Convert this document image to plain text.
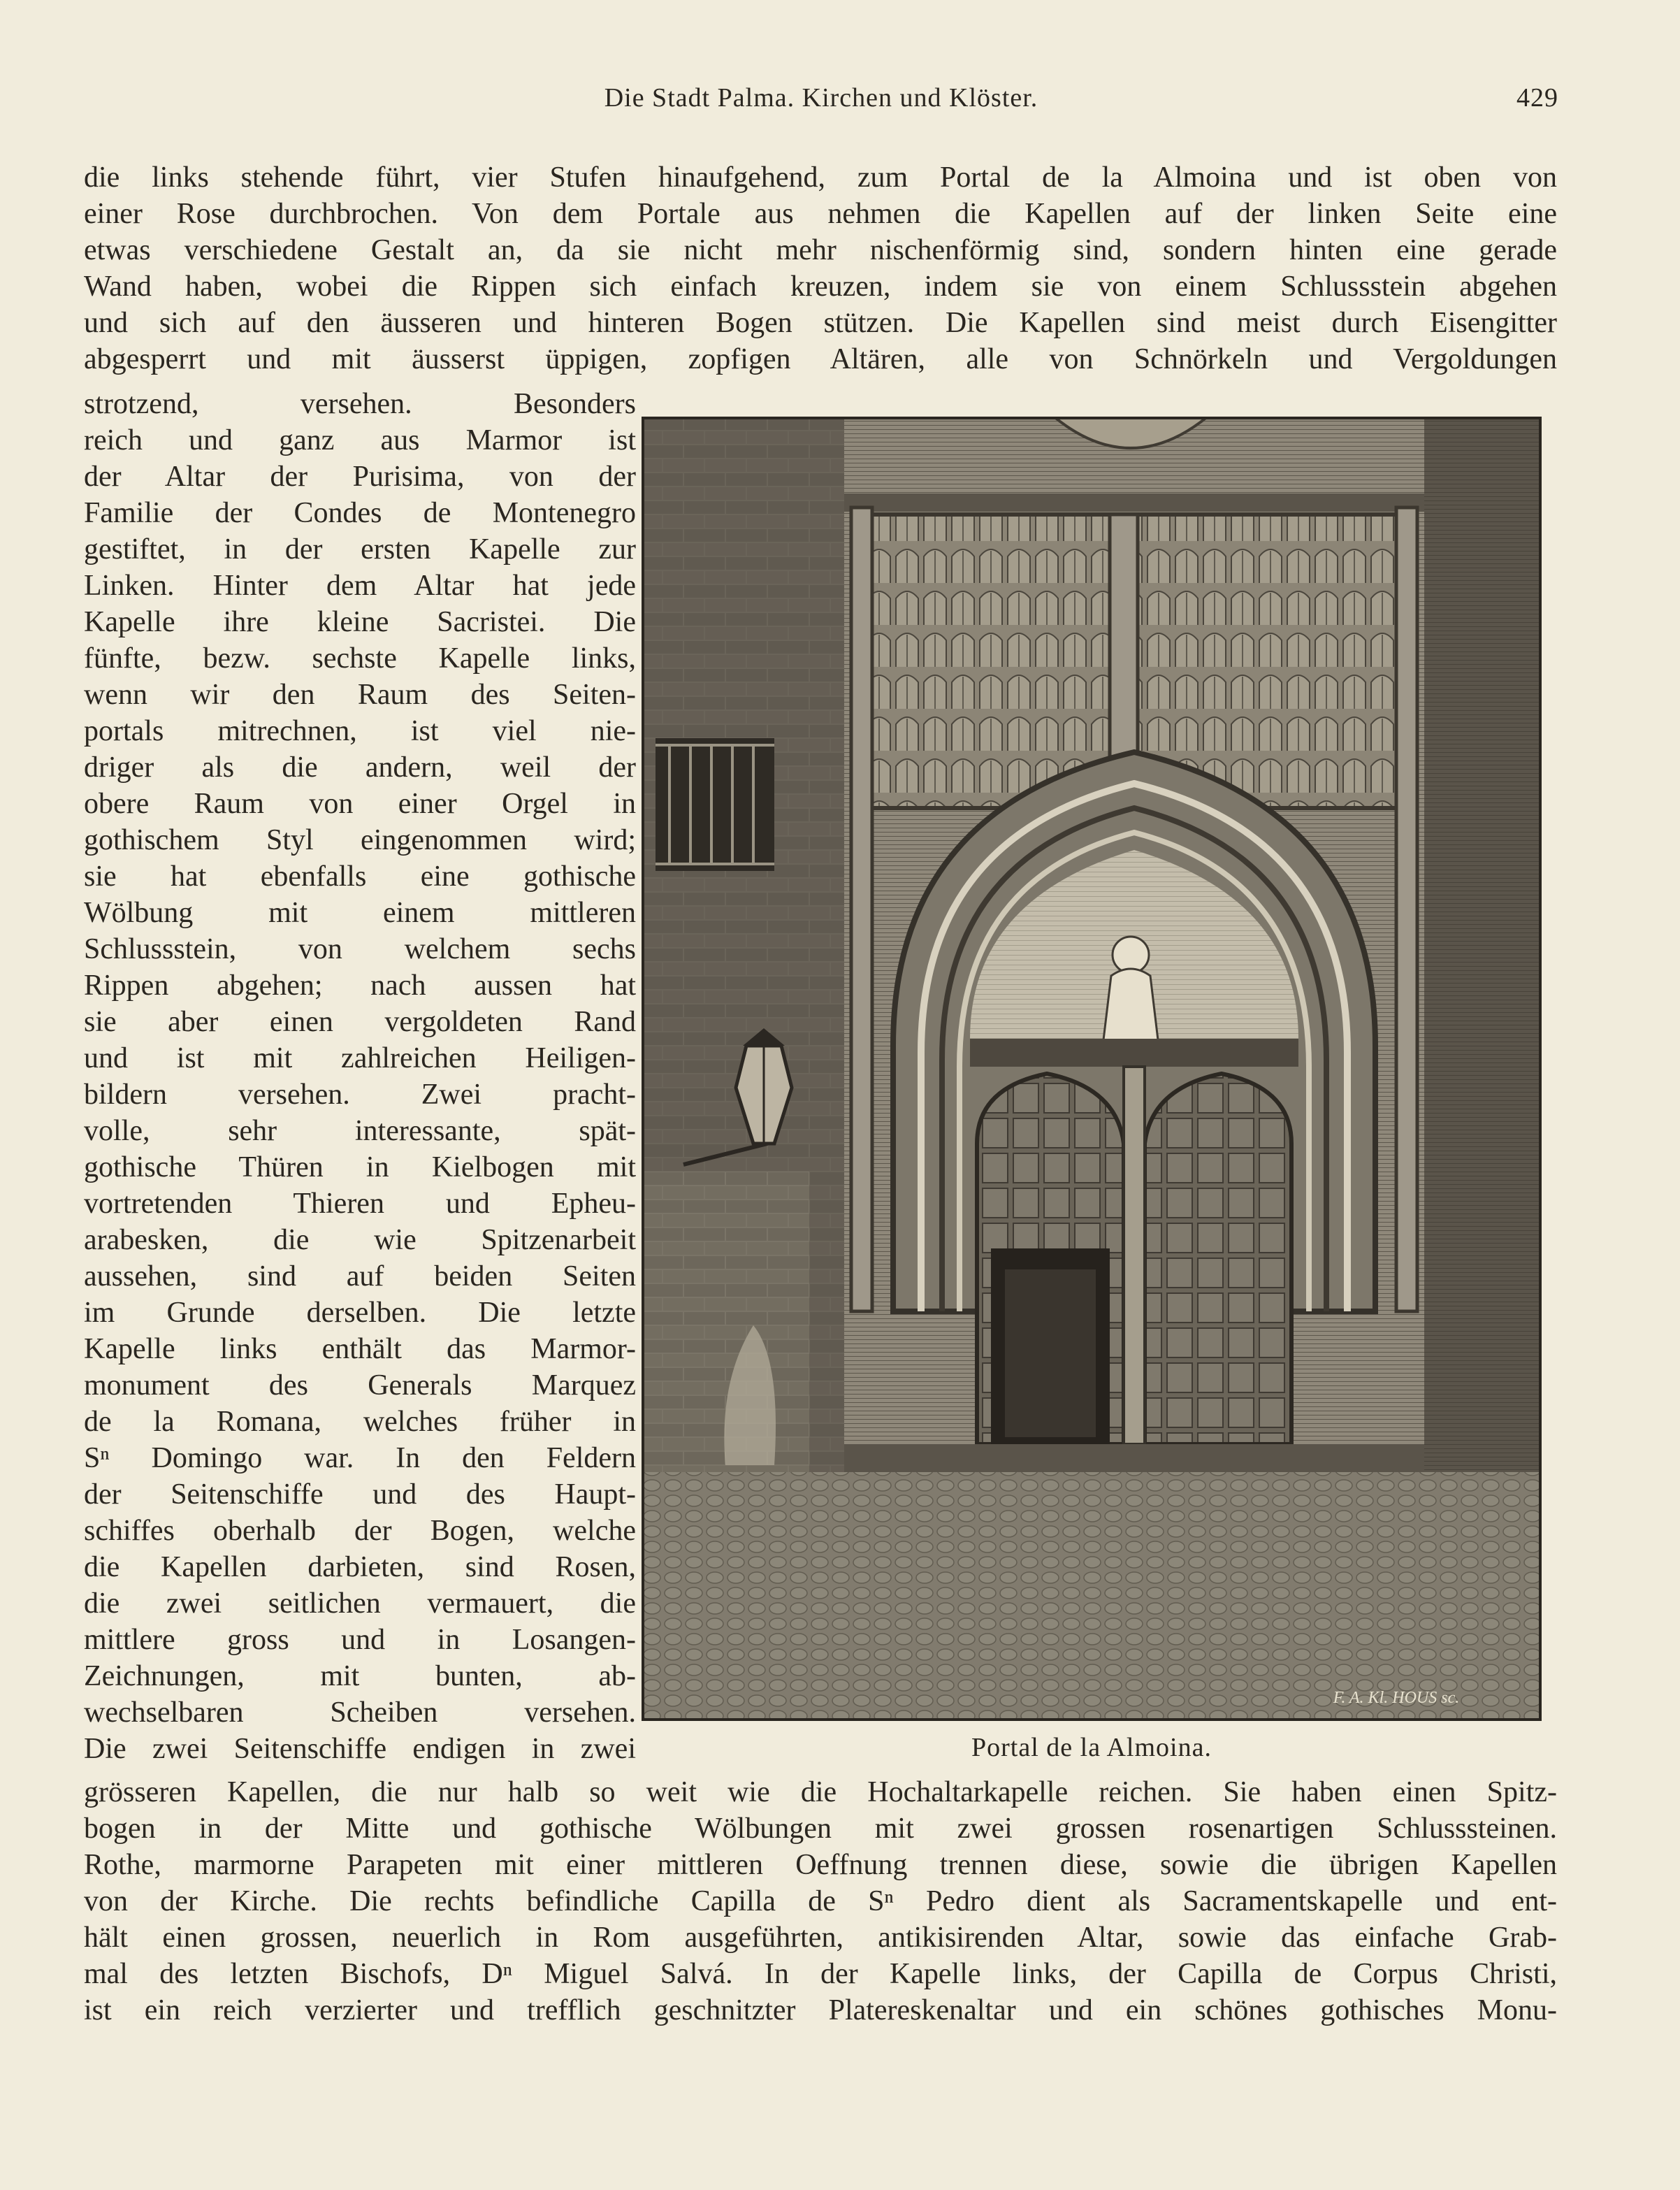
Die Stadt Palma. Kirchen und Klöster.	429
die links stehende führt, vier Stufen hinaufgehend, zum Portal de la Almoina und ist oben von
einer Rose durchbrochen. Von dem Portale aus nehmen die Kapellen auf der linken Seite eine
etwas verschiedene Gestalt an, da sie nicht mehr nischenförmig sind, sondern hinten eine gerade
Wand haben, wobei die Rippen sich einfach kreuzen, indem sie von einem Schlussstein abgehen
und sich auf den äusseren und hinteren Bogen stützen. Die Kapellen sind meist durch Eisengitter
abgesperrt und mit äusserst üppigen, zopfigen Altären, alle von Schnörkeln und Vergoldungen
strotzend, versehen. Besonders
reich und ganz aus Marmor ist
der Altar der Purisima, von der
Familie der Condes de Montenegro
gestiftet, in der ersten Kapelle zur
Linken. Hinter dem Altar hat jede
Kapelle ihre kleine Sacristei. Die
fünfte, bezw. sechste Kapelle links,
wenn wir den Raum des Seiten-
portals mitrechnen, ist viel nie-
driger als die andern, weil der
obere Raum von einer Orgel in
gothischem Styl eingenommen wird;
sie hat ebenfalls eine gothische
Wölbung mit einem mittleren
Schlussstein, von welchem sechs
Rippen abgehen; nach aussen hat
sie aber einen vergoldeten Rand
und ist mit zahlreichen Heiligen-
bildern versehen. Zwei pracht-
volle, sehr interessante, spät-
gothische Thüren in Kielbogen mit
vortretenden Thieren und Epheu-
arabesken, die wie Spitzenarbeit
aussehen, sind auf beiden Seiten
im Grunde derselben. Die letzte
Kapelle links enthält das Marmor-
monument des Generals Marquez
de la Romana, welches früher in
Sⁿ Domingo war. In den Feldern
der Seitenschiffe und des Haupt-
schiffes oberhalb der Bogen, welche
die Kapellen darbieten, sind Rosen,
die zwei seitlichen vermauert, die
mittlere gross und in Losangen-
Zeichnungen, mit bunten, ab-
wechselbaren Scheiben versehen.
Die zwei Seitenschiffe endigen in zwei
grösseren Kapellen, die nur halb so weit wie die Hochaltarkapelle reichen. Sie haben einen Spitz-
bogen in der Mitte und gothische Wölbungen mit zwei grossen rosenartigen Schlusssteinen.
Rothe, marmorne Parapeten mit einer mittleren Oeffnung trennen diese, sowie die übrigen Kapellen
von der Kirche. Die rechts befindliche Capilla de Sⁿ Pedro dient als Sacramentskapelle und ent-
hält einen grossen, neuerlich in Rom ausgeführten, antikisirenden Altar, sowie das einfache Grab-
mal des letzten Bischofs, Dⁿ Miguel Salvá. In der Kapelle links, der Capilla de Corpus Christi,
ist ein reich verzierter und trefflich geschnitzter Platereskenaltar und ein schönes gothisches Monu-
F. A. Kl. HOUS sc.
Portal de la Almoina.
